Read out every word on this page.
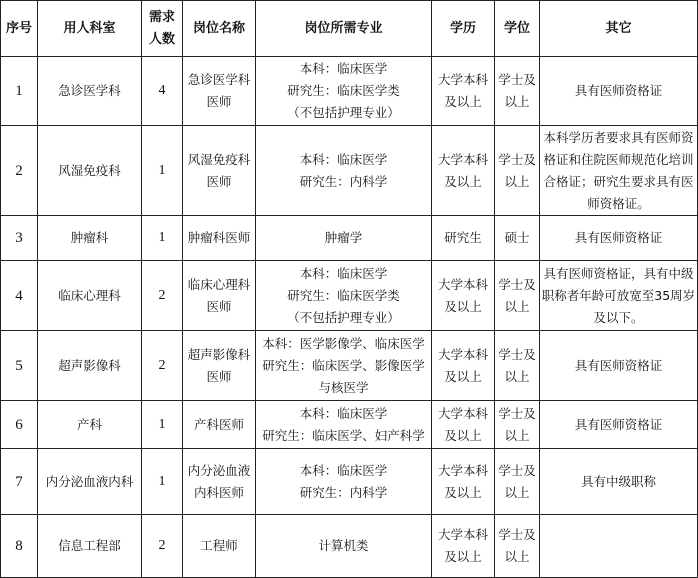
序号	用人科室	需求人数	岗位名称	岗位所需专业	学历	学位	其它
1	急诊医学科	4	急诊医学科医师	本科：临床医学
研究生：临床医学类
（不包括护理专业）	大学本科及以上	学士及以上	具有医师资格证
2	风湿免疫科	1	风湿免疫科医师	本科：临床医学
研究生：内科学	大学本科及以上	学士及以上	本科学历者要求具有医师资格证和住院医师规范化培训合格证；研究生要求具有医师资格证。
3	肿瘤科	1	肿瘤科医师	肿瘤学	研究生	硕士	具有医师资格证
4	临床心理科	2	临床心理科医师	本科：临床医学
研究生：临床医学类
（不包括护理专业）	大学本科及以上	学士及以上	具有医师资格证，具有中级职称者年龄可放宽至35周岁及以下。
5	超声影像科	2	超声影像科医师	本科：医学影像学、临床医学
研究生：临床医学、影像医学
与核医学	大学本科及以上	学士及以上	具有医师资格证
6	产科	1	产科医师	本科：临床医学
研究生：临床医学、妇产科学	大学本科及以上	学士及以上	具有医师资格证
7	内分泌血液内科	1	内分泌血液内科医师	本科：临床医学
研究生：内科学	大学本科及以上	学士及以上	具有中级职称
8	信息工程部	2	工程师	计算机类	大学本科及以上	学士及以上	
